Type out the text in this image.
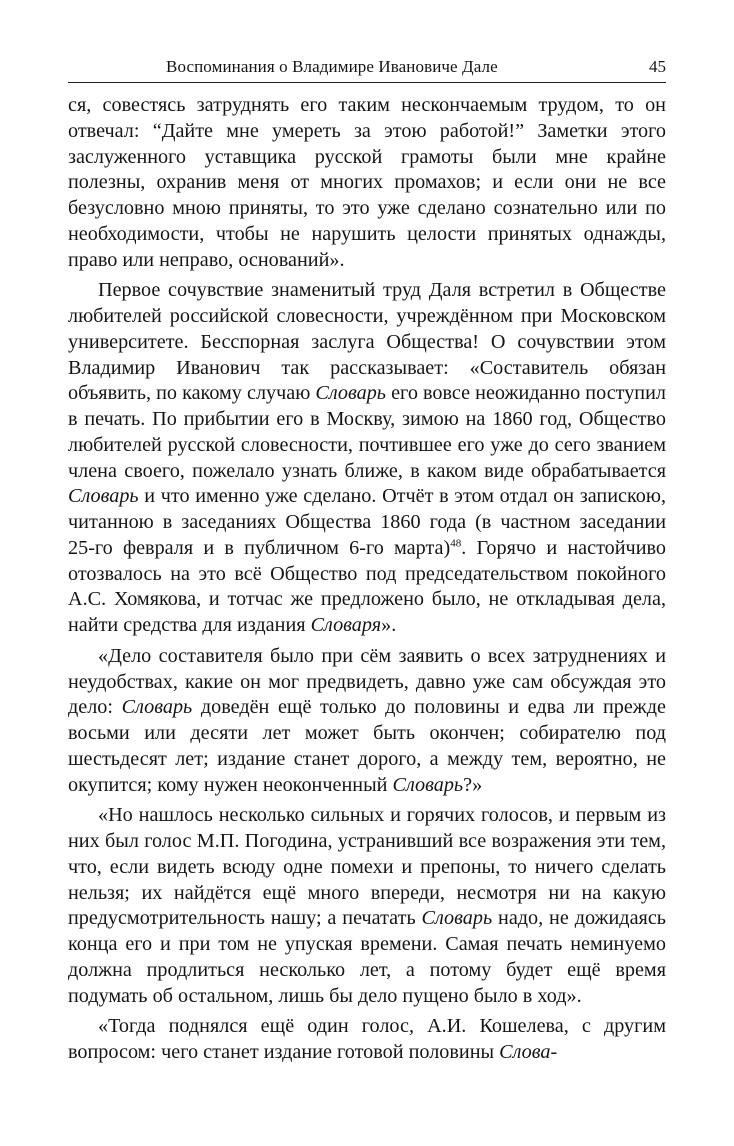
Воспоминания о Владимире Ивановиче Дале	45

ся, совестясь затруднять его таким нескончаемым трудом, то он отвечал: “Дайте мне умереть за этою работой!” Заметки этого заслуженного уставщика русской грамоты были мне крайне полезны, охранив меня от многих промахов; и если они не все безусловно мною приняты, то это уже сделано сознательно или по необходимости, чтобы не нарушить целости принятых однажды, право или неправо, оснований».

Первое сочувствие знаменитый труд Даля встретил в Обществе любителей российской словесности, учреждённом при Московском университете. Бесспорная заслуга Общества! О сочувствии этом Владимир Иванович так рассказывает: «Составитель обязан объявить, по какому случаю Словарь его вовсе неожиданно поступил в печать. По прибытии его в Москву, зимою на 1860 год, Общество любителей русской словесности, почтившее его уже до сего званием члена своего, пожелало узнать ближе, в каком виде обрабатывается Словарь и что именно уже сделано. Отчёт в этом отдал он запискою, читанною в заседаниях Общества 1860 года (в частном заседании 25-го февраля и в публичном 6-го марта)$^{48}$. Горячо и настойчиво отозвалось на это всё Общество под председательством покойного А.С. Хомякова, и тотчас же предложено было, не откладывая дела, найти средства для издания Словаря».

«Дело составителя было при сём заявить о всех затруднениях и неудобствах, какие он мог предвидеть, давно уже сам обсуждая это дело: Словарь доведён ещё только до половины и едва ли прежде восьми или десяти лет может быть окончен; собирателю под шестьдесят лет; издание станет дорого, а между тем, вероятно, не окупится; кому нужен неоконченный Словарь?»

«Но нашлось несколько сильных и горячих голосов, и первым из них был голос М.П. Погодина, устранивший все возражения эти тем, что, если видеть всюду одне помехи и препоны, то ничего сделать нельзя; их найдётся ещё много впереди, несмотря ни на какую предусмотрительность нашу; а печатать Словарь надо, не дожидаясь конца его и при том не упуская времени. Самая печать неминуемо должна продлиться несколько лет, а потому будет ещё время подумать об остальном, лишь бы дело пущено было в ход».

«Тогда поднялся ещё один голос, А.И. Кошелева, с другим вопросом: чего станет издание готовой половины Слова-
